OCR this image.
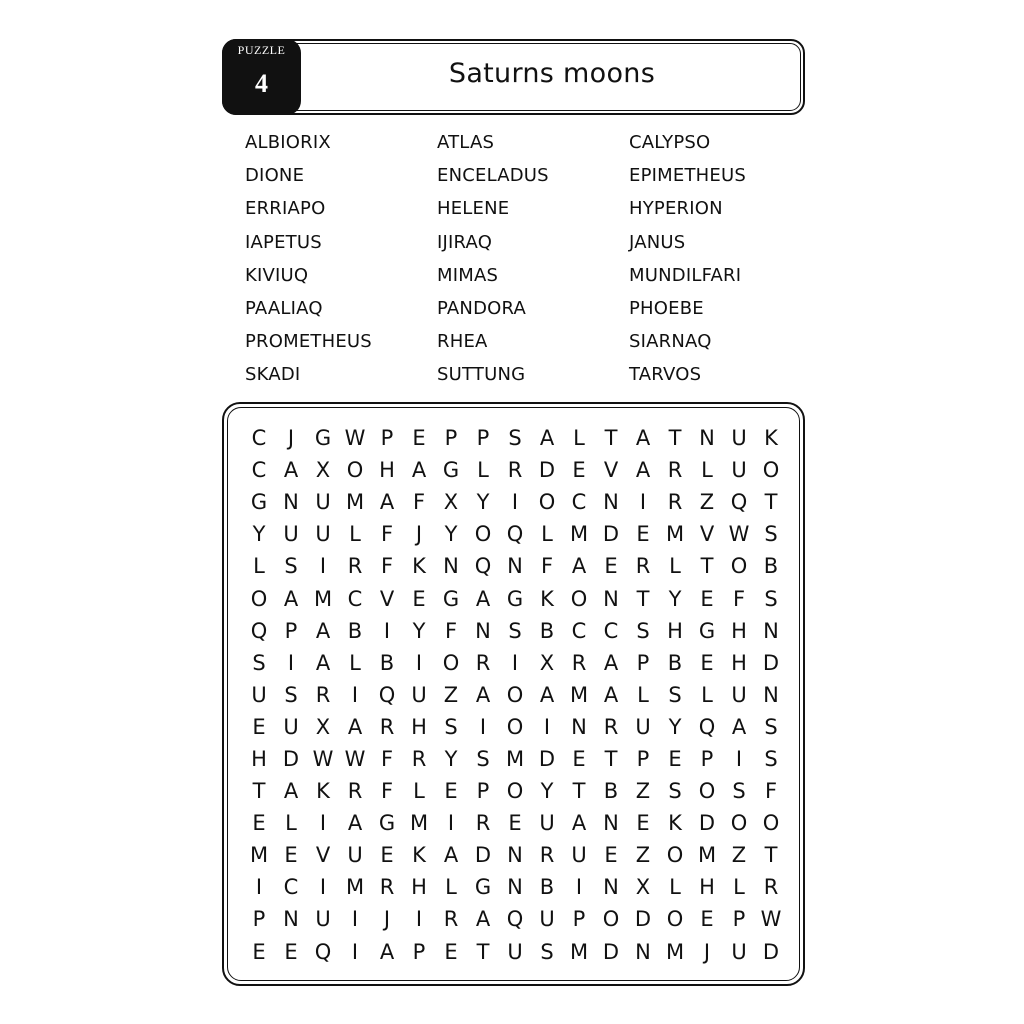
PUZZLE
4	Saturns moons
ALBIORIX	ATLAS	CALYPSO
DIONE	ENCELADUS	EPIMETHEUS
ERRIAPO	HELENE	HYPERION
IAPETUS	IJIRAQ	JANUS
KIVIUQ	MIMAS	MUNDILFARI
PAALIAQ	PANDORA	PHOEBE
PROMETHEUS	RHEA	SIARNAQ
SKADI	SUTTUNG	TARVOS
C	J G W P E P P S A L T A T N U K
C A X O H A G L R D E V A R L U O
G N U M A F X Y	I O C N	I	R Z Q T
Y U U L F	J	Y O Q L M D E M V W S
L S	I	R F K N Q N F A E R L T O B
O A M C V E G A G K O N T Y E F S
Q P A B	I	Y F N S B C C S H G H N
S	I	A L B	I O R	I	X R A P B E H D
U S R	I Q U Z A O A M A L S L U N
E U X A R H S	I O I	N R U Y Q A S
H D W W F R Y S M D E T P E P	I	S
T A K R F L E P O Y T B Z S O S F
E L	I	A G M I	R E U A N E K D O O
M E V U E K A D N R U E Z O M Z T
I	C	I M R H L G N B	I	N X L H L R
P N U	I	J	I	R A Q U P O D O E P W
E E Q I	A P E T U S M D N M J	U D
